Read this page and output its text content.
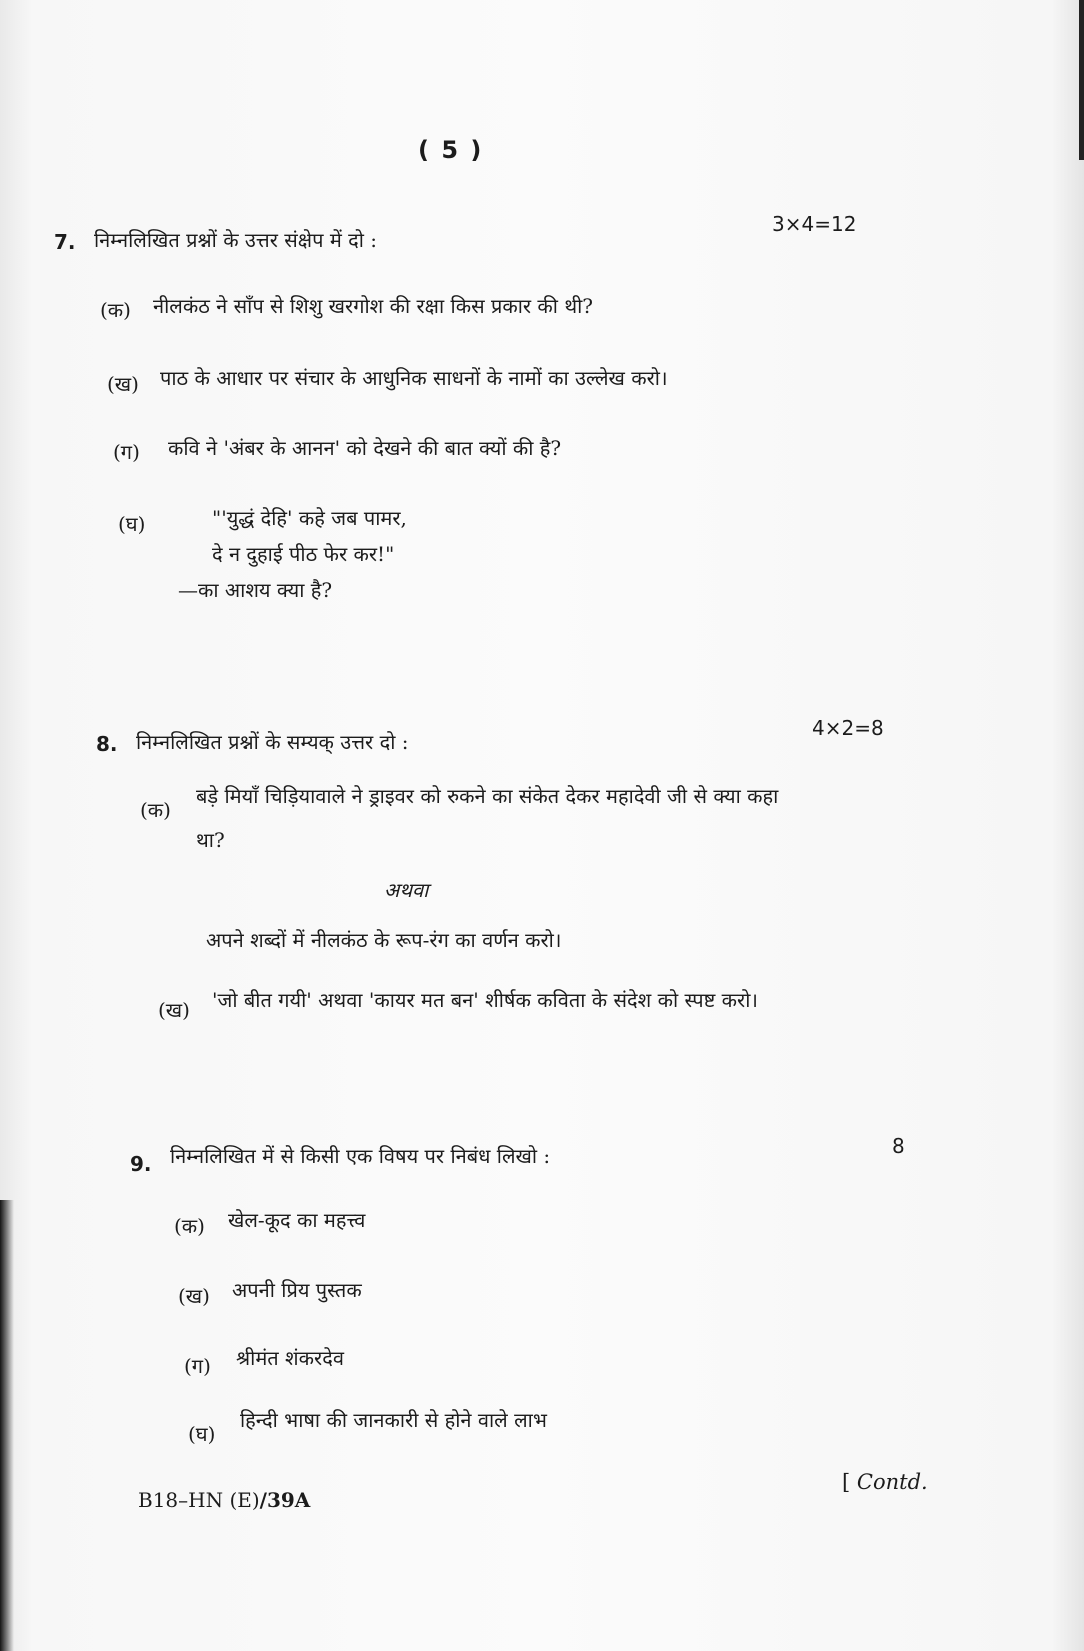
( 5 )
7. निम्नलिखित प्रश्नों के उत्तर संक्षेप में दो :
3×4=12
(क) नीलकंठ ने साँप से शिशु खरगोश की रक्षा किस प्रकार की थी?
(ख) पाठ के आधार पर संचार के आधुनिक साधनों के नामों का उल्लेख करो।
(ग) कवि ने 'अंबर के आनन' को देखने की बात क्यों की है?
(घ)	"'युद्धं देहि' कहे जब पामर,
दे न दुहाई पीठ फेर कर!"
—का आशय क्या है?
8. निम्नलिखित प्रश्नों के सम्यक् उत्तर दो :
4×2=8
(क)
बड़े मियाँ चिड़ियावाले ने ड्राइवर को रुकने का संकेत देकर महादेवी जी से क्या कहा
था?
अथवा
अपने शब्दों में नीलकंठ के रूप-रंग का वर्णन करो।
(ख) 'जो बीत गयी' अथवा 'कायर मत बन' शीर्षक कविता के संदेश को स्पष्ट करो।
9. निम्नलिखित में से किसी एक विषय पर निबंध लिखो :	8
(क) खेल-कूद का महत्त्व
(ख) अपनी प्रिय पुस्तक
(ग) श्रीमंत शंकरदेव
(घ)
हिन्दी भाषा की जानकारी से होने वाले लाभ
B18–HN (E)/39A
[ Contd.
